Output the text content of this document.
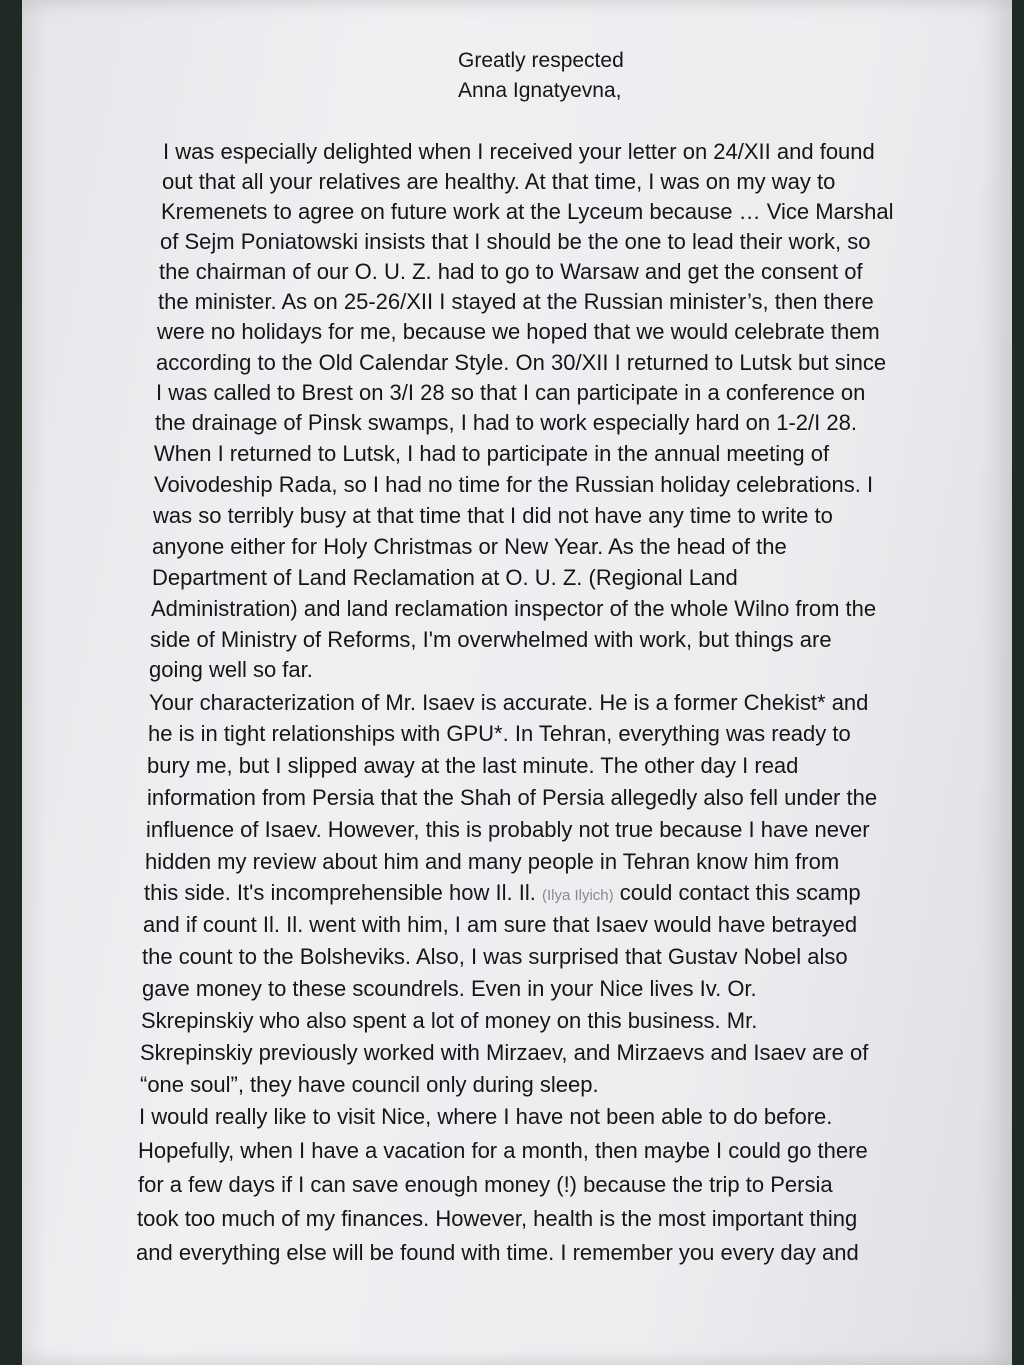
Greatly respected
Anna Ignatyevna,
I was especially delighted when I received your letter on 24/XII and found
out that all your relatives are healthy. At that time, I was on my way to
Kremenets to agree on future work at the Lyceum because … Vice Marshal
of Sejm Poniatowski insists that I should be the one to lead their work, so
the chairman of our O. U. Z. had to go to Warsaw and get the consent of
the minister. As on 25-26/XII I stayed at the Russian minister’s, then there
were no holidays for me, because we hoped that we would celebrate them
according to the Old Calendar Style. On 30/XII I returned to Lutsk but since
I was called to Brest on 3/I 28 so that I can participate in a conference on
the drainage of Pinsk swamps, I had to work especially hard on 1-2/I 28.
When I returned to Lutsk, I had to participate in the annual meeting of
Voivodeship Rada, so I had no time for the Russian holiday celebrations. I
was so terribly busy at that time that I did not have any time to write to
anyone either for Holy Christmas or New Year. As the head of the
Department of Land Reclamation at O. U. Z. (Regional Land
Administration) and land reclamation inspector of the whole Wilno from the
side of Ministry of Reforms, I'm overwhelmed with work, but things are
going well so far.
Your characterization of Mr. Isaev is accurate. He is a former Chekist* and
he is in tight relationships with GPU*. In Tehran, everything was ready to
bury me, but I slipped away at the last minute. The other day I read
information from Persia that the Shah of Persia allegedly also fell under the
influence of Isaev. However, this is probably not true because I have never
hidden my review about him and many people in Tehran know him from
this side. It's incomprehensible how Il. Il. (Ilya Ilyich) could contact this scamp
and if count Il. Il. went with him, I am sure that Isaev would have betrayed
the count to the Bolsheviks. Also, I was surprised that Gustav Nobel also
gave money to these scoundrels. Even in your Nice lives Iv. Or.
Skrepinskiy who also spent a lot of money on this business. Mr.
Skrepinskiy previously worked with Mirzaev, and Mirzaevs and Isaev are of
“one soul”, they have council only during sleep.
I would really like to visit Nice, where I have not been able to do before.
Hopefully, when I have a vacation for a month, then maybe I could go there
for a few days if I can save enough money (!) because the trip to Persia
took too much of my finances. However, health is the most important thing
and everything else will be found with time. I remember you every day and
